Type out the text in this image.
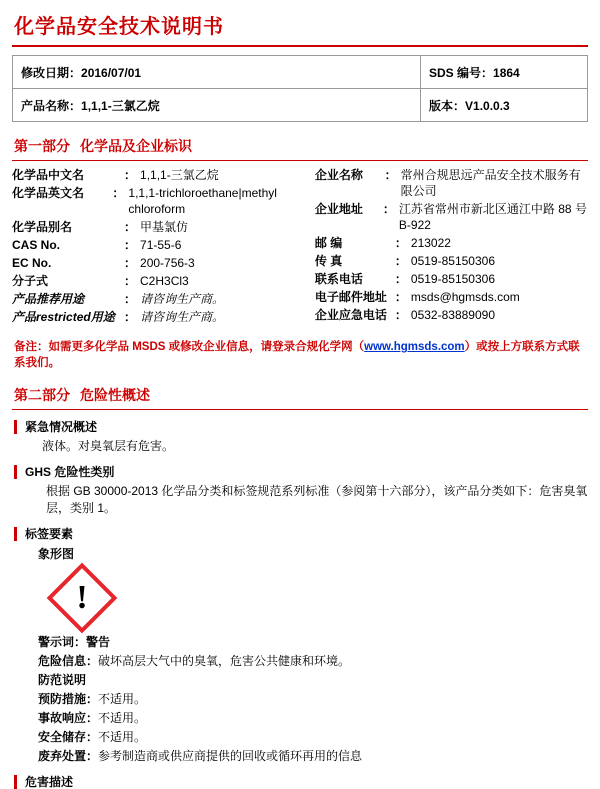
化学品安全技术说明书
修改日期：2016/07/01	SDS 编号：1864
产品名称：1,1,1-三氯乙烷	版本：V1.0.0.3
第一部分 化学品及企业标识
化学品中文名	： 1,1,1-三氯乙烷
化学品英文名	： 1,1,1-trichloroethane|methyl chloroform
化学品别名	： 甲基氯仿
CAS No.	： 71-55-6
EC No.	： 200-756-3
分子式	： C2H3Cl3
产品推荐用途	： 请咨询生产商。
产品restricted用途 ： 请咨询生产商。
企业名称	： 常州合规思远产品安全技术服务有限公司
企业地址	： 江苏省常州市新北区通江中路 88 号 B-922
邮 编	： 213022
传 真	： 0519-85150306
联系电话	： 0519-85150306
电子邮件地址 ： msds@hgmsds.com
企业应急电话 ： 0532-83889090
备注：如需更多化学品 MSDS 或修改企业信息，请登录合规化学网（www.hgmsds.com）或按上方联系方式联系我们。
第二部分 危险性概述
紧急情况概述
液体。对臭氧层有危害。
GHS 危险性类别
根据 GB 30000-2013 化学品分类和标签规范系列标准（参阅第十六部分），该产品分类如下：危害臭氧层，类别 1。
标签要素
象形图
!
警示词：警告
危险信息：破坏高层大气中的臭氧，危害公共健康和环境。
防范说明
预防措施：不适用。
事故响应：不适用。
安全储存：不适用。
废弃处置：参考制造商或供应商提供的回收或循环再用的信息
危害描述
